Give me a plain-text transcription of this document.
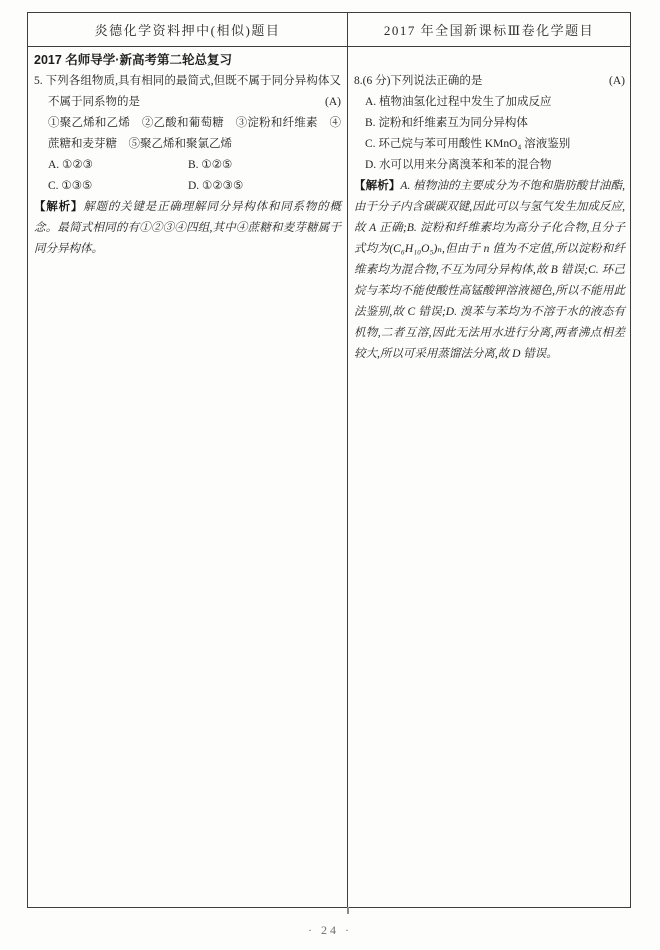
炎德化学资料押中(相似)题目	2017 年全国新课标Ⅲ卷化学题目
2017 名师导学·新高考第二轮总复习

5. 下列各组物质,具有相同的最简式,但既不属于同分异构体又不属于同系物的是	(A)

①聚乙烯和乙烯　②乙酸和葡萄糖　③淀粉和纤维素　④蔗糖和麦芽糖　⑤聚乙烯和聚氯乙烯

A. ①②③	B. ①②⑤
C. ①③⑤	D. ①②③⑤

【解析】解题的关键是正确理解同分异构体和同系物的概念。最简式相同的有①②③④四组,其中④蔗糖和麦芽糖属于同分异构体。

8.(6 分)下列说法正确的是	(A)

A. 植物油氢化过程中发生了加成反应
B. 淀粉和纤维素互为同分异构体
C. 环己烷与苯可用酸性 KMnO₄ 溶液鉴别
D. 水可以用来分离溴苯和苯的混合物

【解析】A. 植物油的主要成分为不饱和脂肪酸甘油酯,由于分子内含碳碳双键,因此可以与氢气发生加成反应,故 A 正确;B. 淀粉和纤维素均为高分子化合物,且分子式均为(C₆H₁₀O₅)ₙ,但由于 n 值为不定值,所以淀粉和纤维素均为混合物,不互为同分异构体,故 B 错误;C. 环己烷与苯均不能使酸性高锰酸钾溶液褪色,所以不能用此法鉴别,故 C 错误;D. 溴苯与苯均为不溶于水的液态有机物,二者互溶,因此无法用水进行分离,两者沸点相差较大,所以可采用蒸馏法分离,故 D 错误。

· 24 ·
